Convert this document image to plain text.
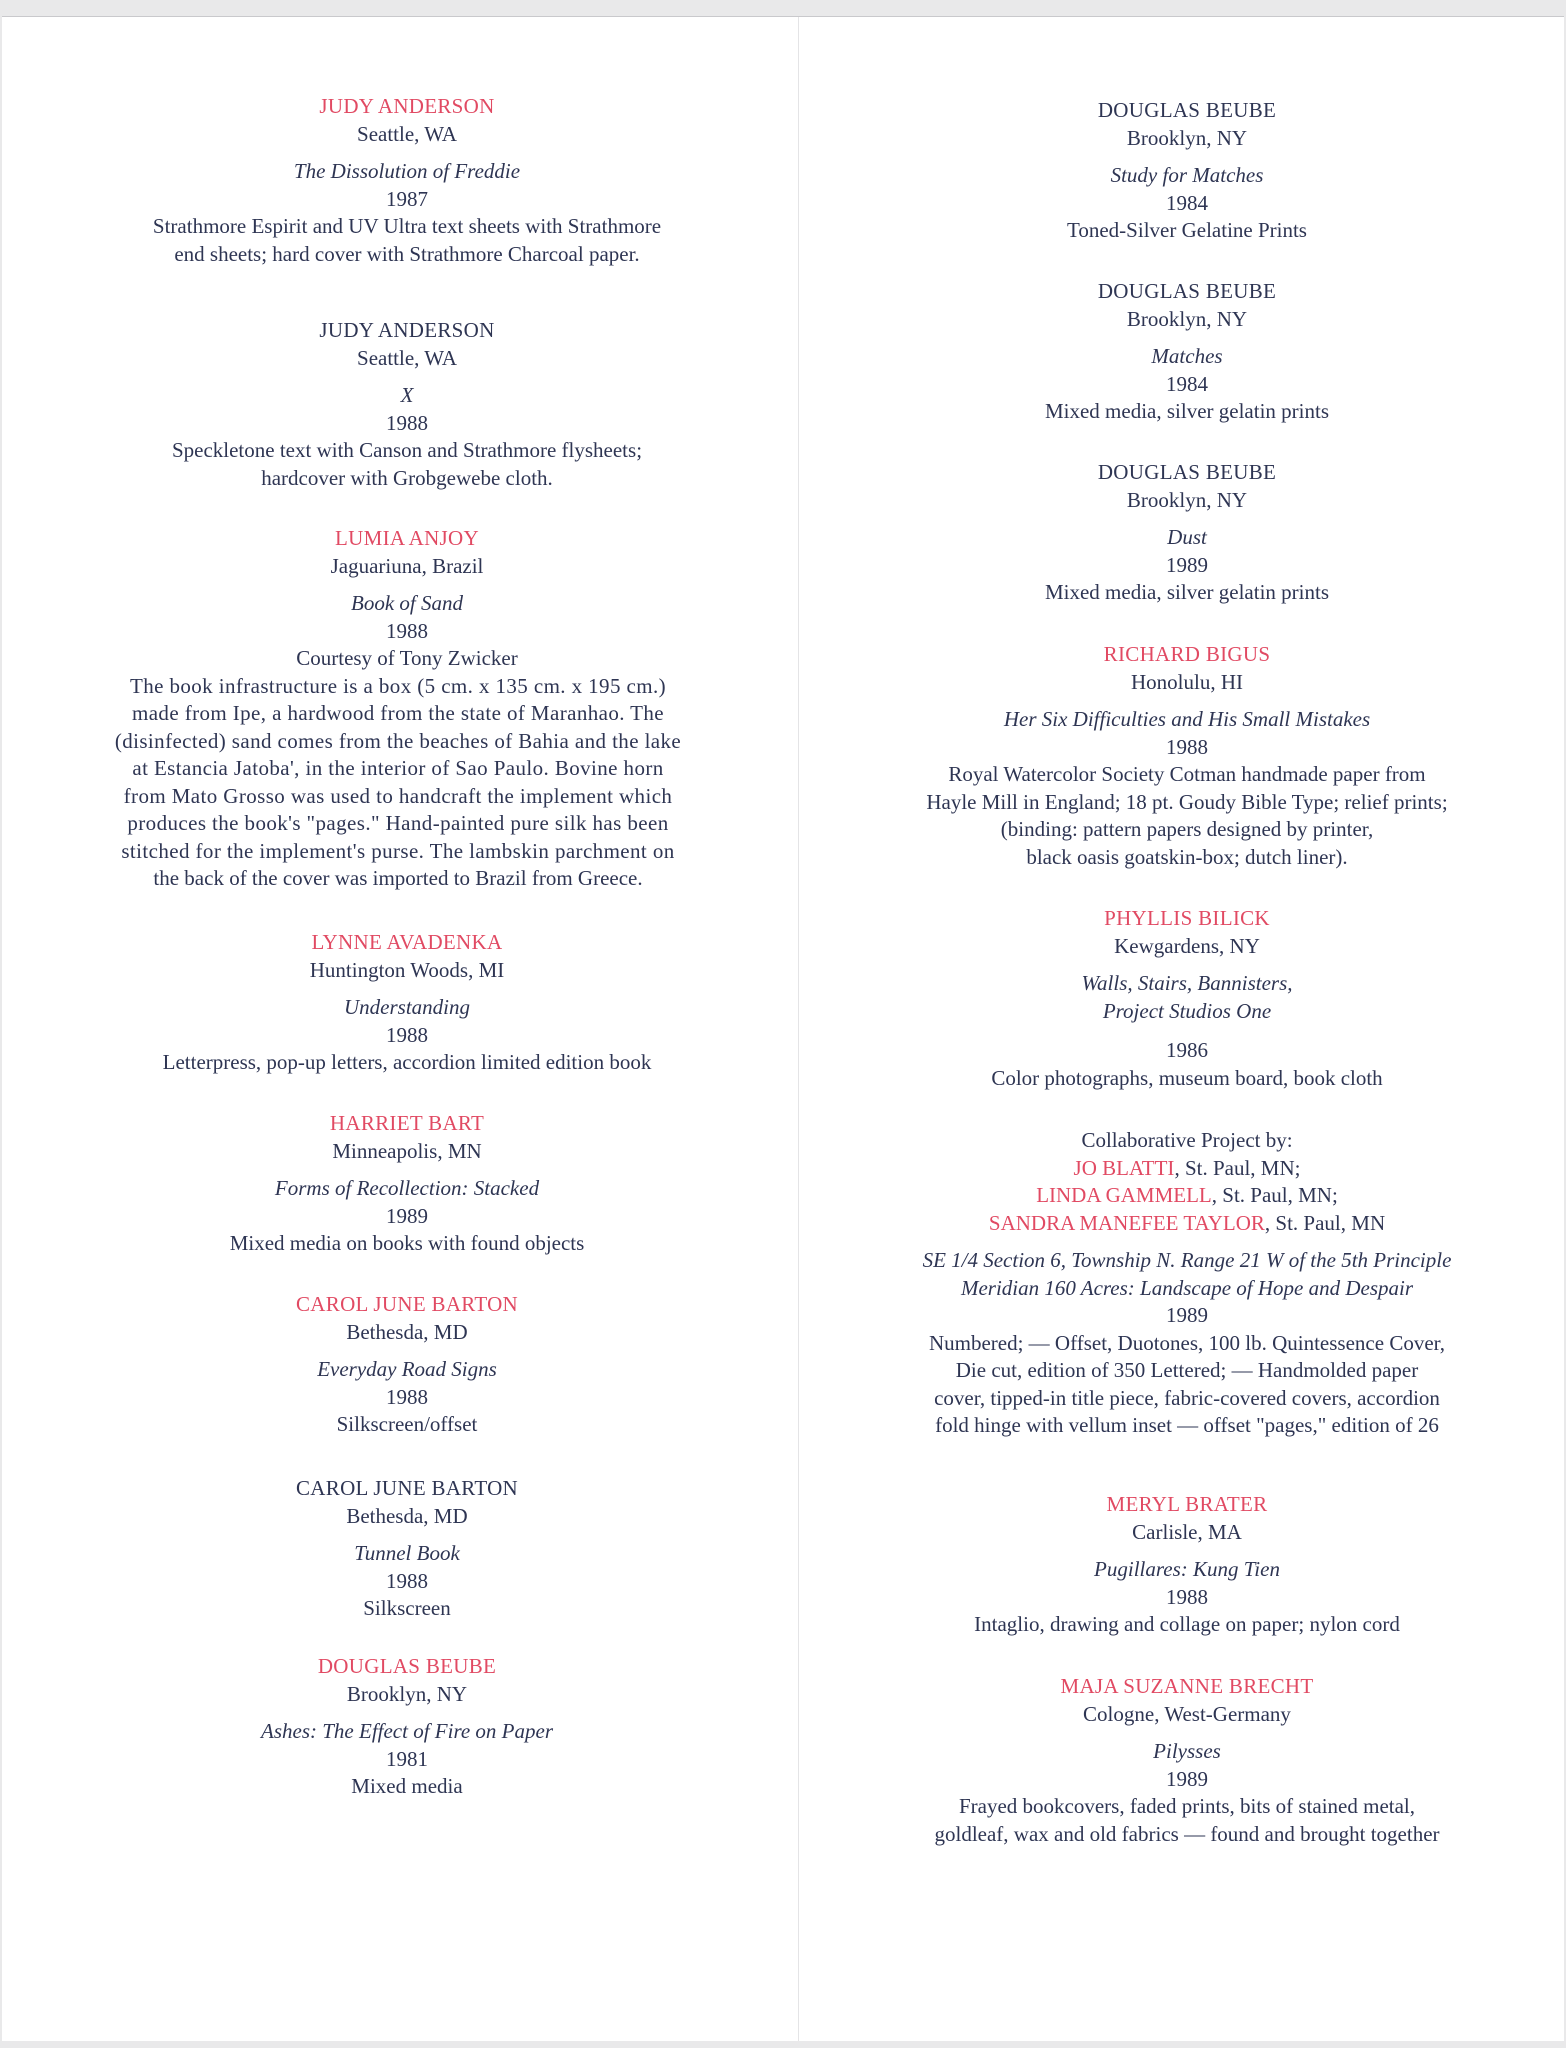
JUDY ANDERSON
Seattle, WA
The Dissolution of Freddie
1987
Strathmore Espirit and UV Ultra text sheets with Strathmore
end sheets; hard cover with Strathmore Charcoal paper.
JUDY ANDERSON
Seattle, WA
X
1988
Speckletone text with Canson and Strathmore flysheets;
hardcover with Grobgewebe cloth.
LUMIA ANJOY
Jaguariuna, Brazil
Book of Sand
1988
Courtesy of Tony Zwicker
The book infrastructure is a box (5 cm. x 135 cm. x 195 cm.)
made from Ipe, a hardwood from the state of Maranhao. The
(disinfected) sand comes from the beaches of Bahia and the lake
at Estancia Jatoba', in the interior of Sao Paulo. Bovine horn
from Mato Grosso was used to handcraft the implement which
produces the book's "pages." Hand-painted pure silk has been
stitched for the implement's purse. The lambskin parchment on
the back of the cover was imported to Brazil from Greece.
LYNNE AVADENKA
Huntington Woods, MI
Understanding
1988
Letterpress, pop-up letters, accordion limited edition book
HARRIET BART
Minneapolis, MN
Forms of Recollection: Stacked
1989
Mixed media on books with found objects
CAROL JUNE BARTON
Bethesda, MD
Everyday Road Signs
1988
Silkscreen/offset
CAROL JUNE BARTON
Bethesda, MD
Tunnel Book
1988
Silkscreen
DOUGLAS BEUBE
Brooklyn, NY
Ashes: The Effect of Fire on Paper
1981
Mixed media
DOUGLAS BEUBE
Brooklyn, NY
Study for Matches
1984
Toned-Silver Gelatine Prints
DOUGLAS BEUBE
Brooklyn, NY
Matches
1984
Mixed media, silver gelatin prints
DOUGLAS BEUBE
Brooklyn, NY
Dust
1989
Mixed media, silver gelatin prints
RICHARD BIGUS
Honolulu, HI
Her Six Difficulties and His Small Mistakes
1988
Royal Watercolor Society Cotman handmade paper from
Hayle Mill in England; 18 pt. Goudy Bible Type; relief prints;
(binding: pattern papers designed by printer,
black oasis goatskin-box; dutch liner).
PHYLLIS BILICK
Kewgardens, NY
Walls, Stairs, Bannisters,
Project Studios One
1986
Color photographs, museum board, book cloth
Collaborative Project by:
JO BLATTI, St. Paul, MN;
LINDA GAMMELL, St. Paul, MN;
SANDRA MANEFEE TAYLOR, St. Paul, MN
SE 1/4 Section 6, Township N. Range 21 W of the 5th Principle
Meridian 160 Acres: Landscape of Hope and Despair
1989
Numbered; — Offset, Duotones, 100 lb. Quintessence Cover,
Die cut, edition of 350 Lettered; — Handmolded paper
cover, tipped-in title piece, fabric-covered covers, accordion
fold hinge with vellum inset — offset "pages," edition of 26
MERYL BRATER
Carlisle, MA
Pugillares: Kung Tien
1988
Intaglio, drawing and collage on paper; nylon cord
MAJA SUZANNE BRECHT
Cologne, West-Germany
Pilysses
1989
Frayed bookcovers, faded prints, bits of stained metal,
goldleaf, wax and old fabrics — found and brought together
